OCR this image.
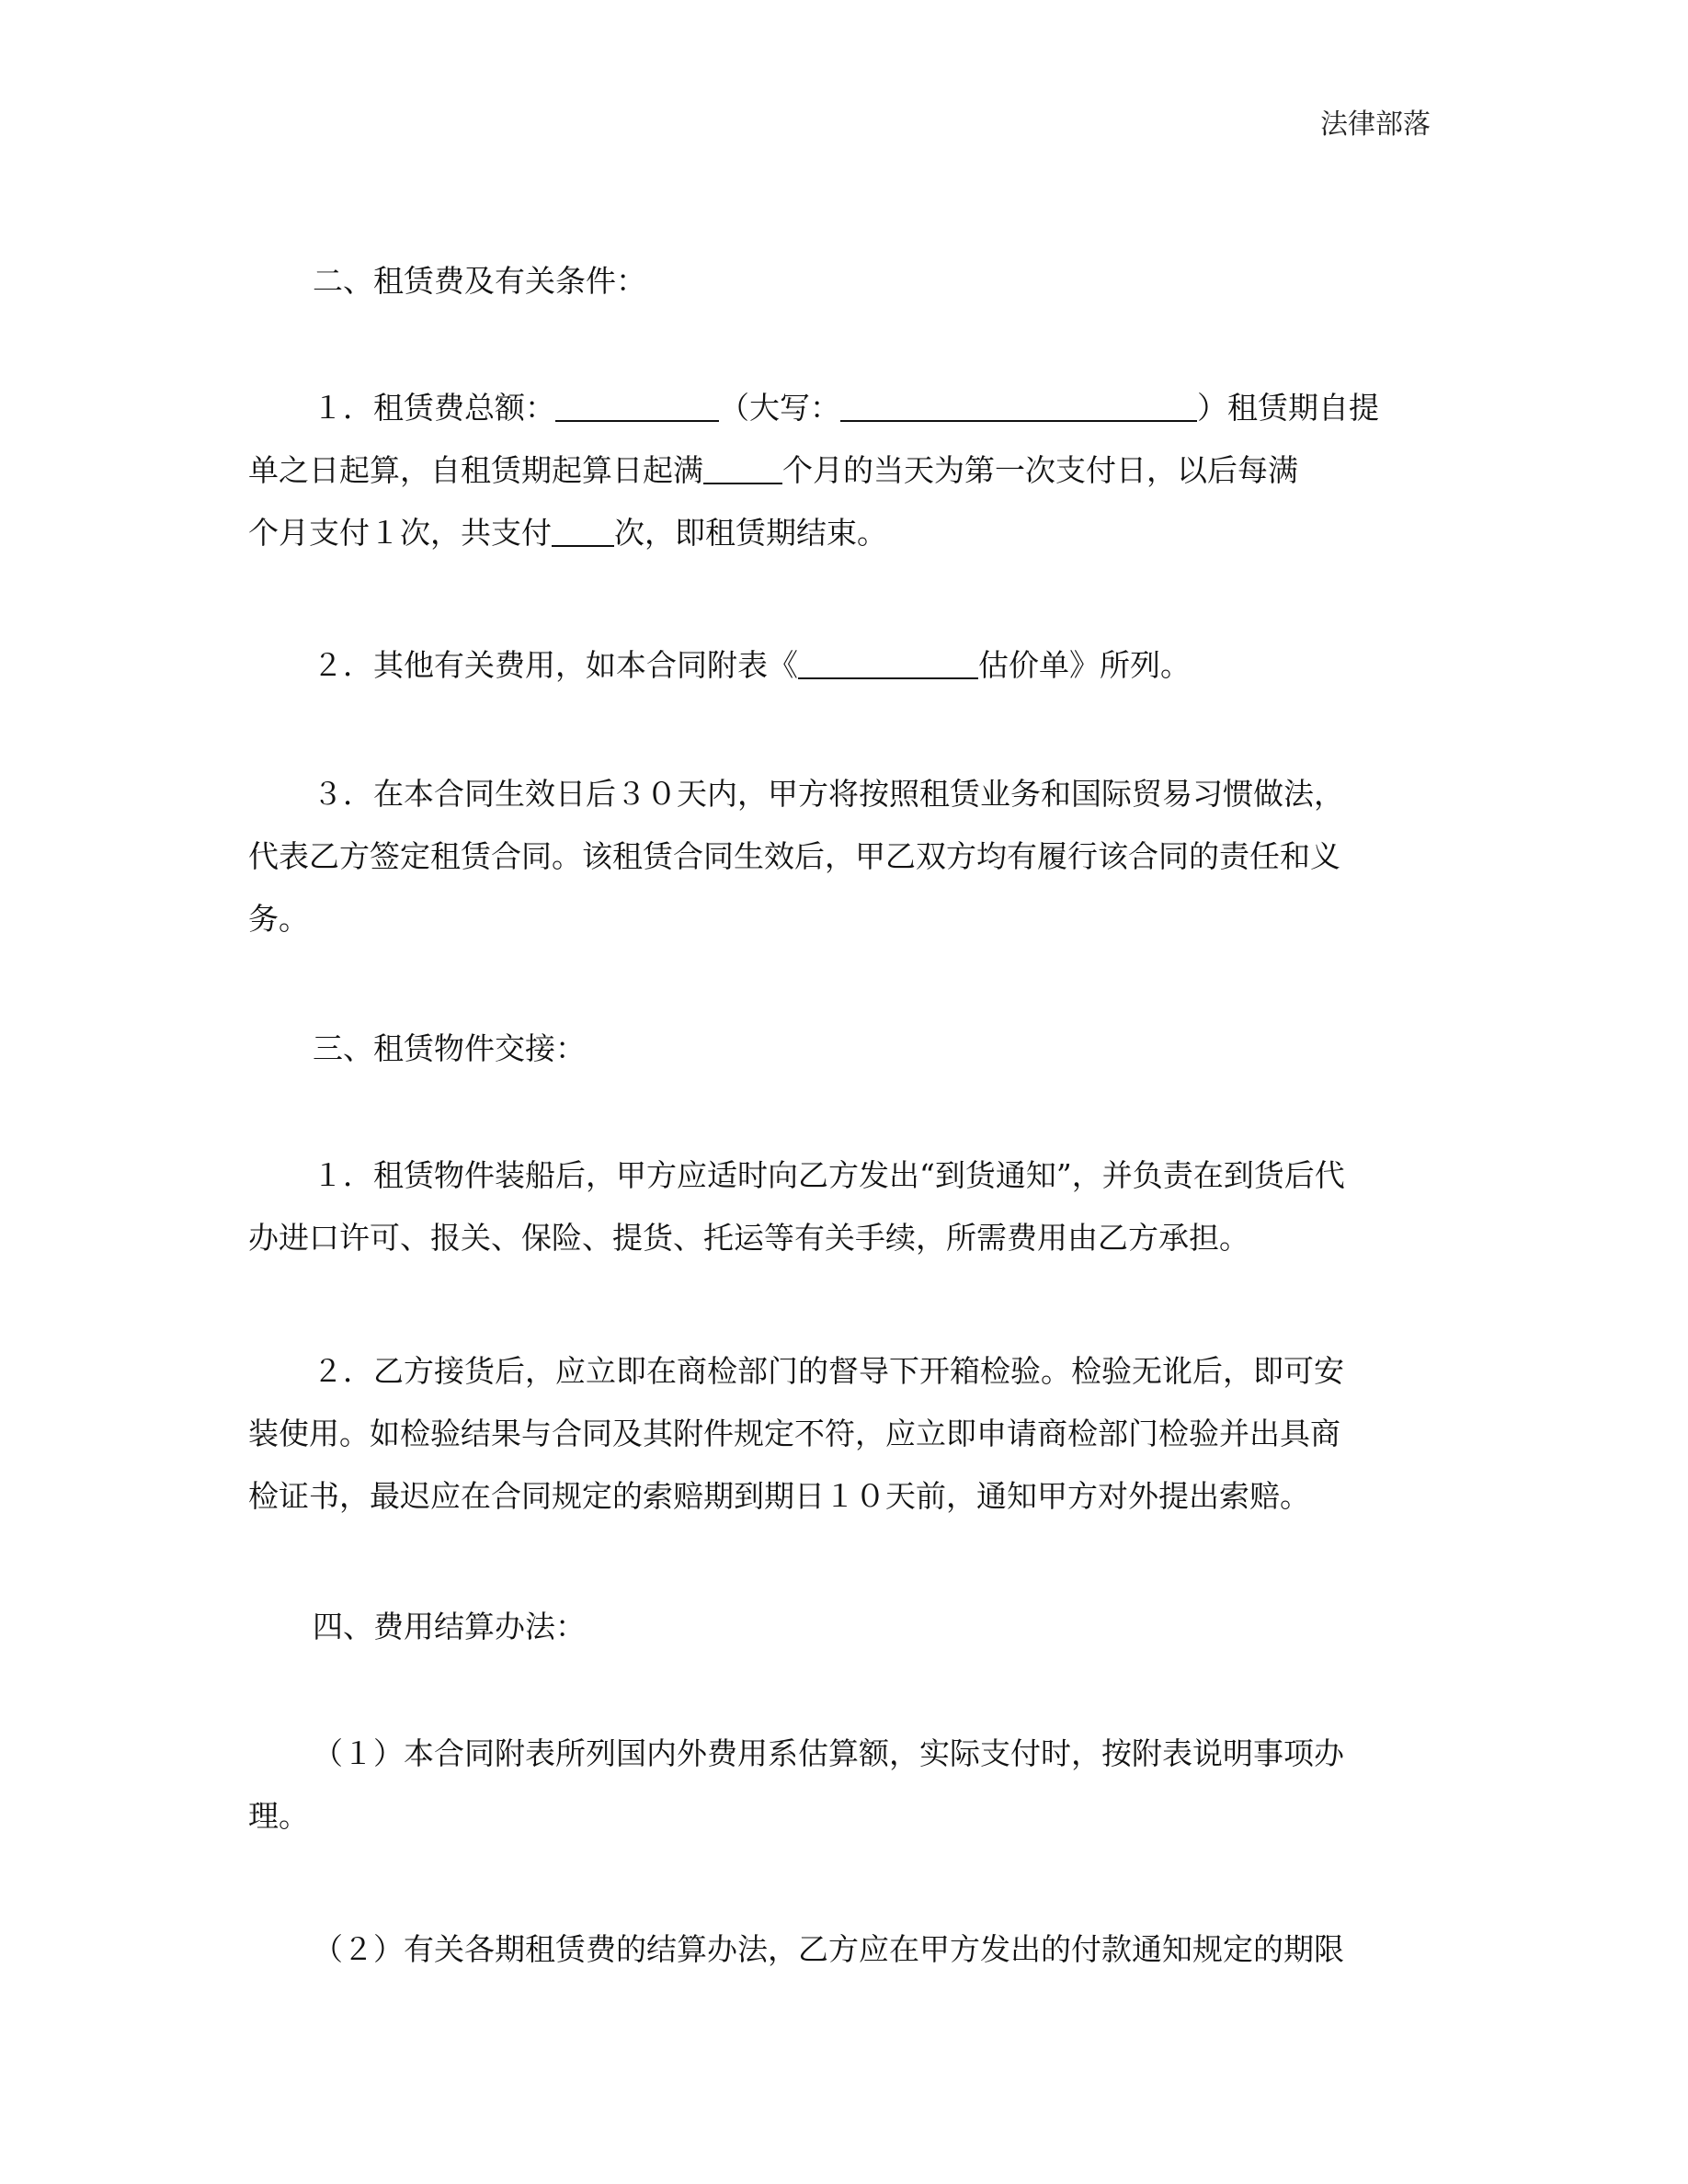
法律部落
二、租赁费及有关条件：
１．租赁费总额：	（大写：	）租赁期自提
单之日起算，自租赁期起算日起满	个月的当天为第一次支付日，以后每满
个月支付１次，共支付 次，即租赁期结束。
２．其他有关费用，如本合同附表《	估价单》所列。
３．在本合同生效日后３０天内，甲方将按照租赁业务和国际贸易习惯做法，
代表乙方签定租赁合同。该租赁合同生效后，甲乙双方均有履行该合同的责任和义
务。
三、租赁物件交接：
１．租赁物件装船后，甲方应适时向乙方发出“到货通知”，并负责在到货后代
办进口许可、报关、保险、提货、托运等有关手续，所需费用由乙方承担。
２．乙方接货后，应立即在商检部门的督导下开箱检验。检验无讹后，即可安
装使用。如检验结果与合同及其附件规定不符，应立即申请商检部门检验并出具商
检证书，最迟应在合同规定的索赔期到期日１０天前，通知甲方对外提出索赔。
四、费用结算办法：
（１）本合同附表所列国内外费用系估算额，实际支付时，按附表说明事项办
理。
（２）有关各期租赁费的结算办法，乙方应在甲方发出的付款通知规定的期限
